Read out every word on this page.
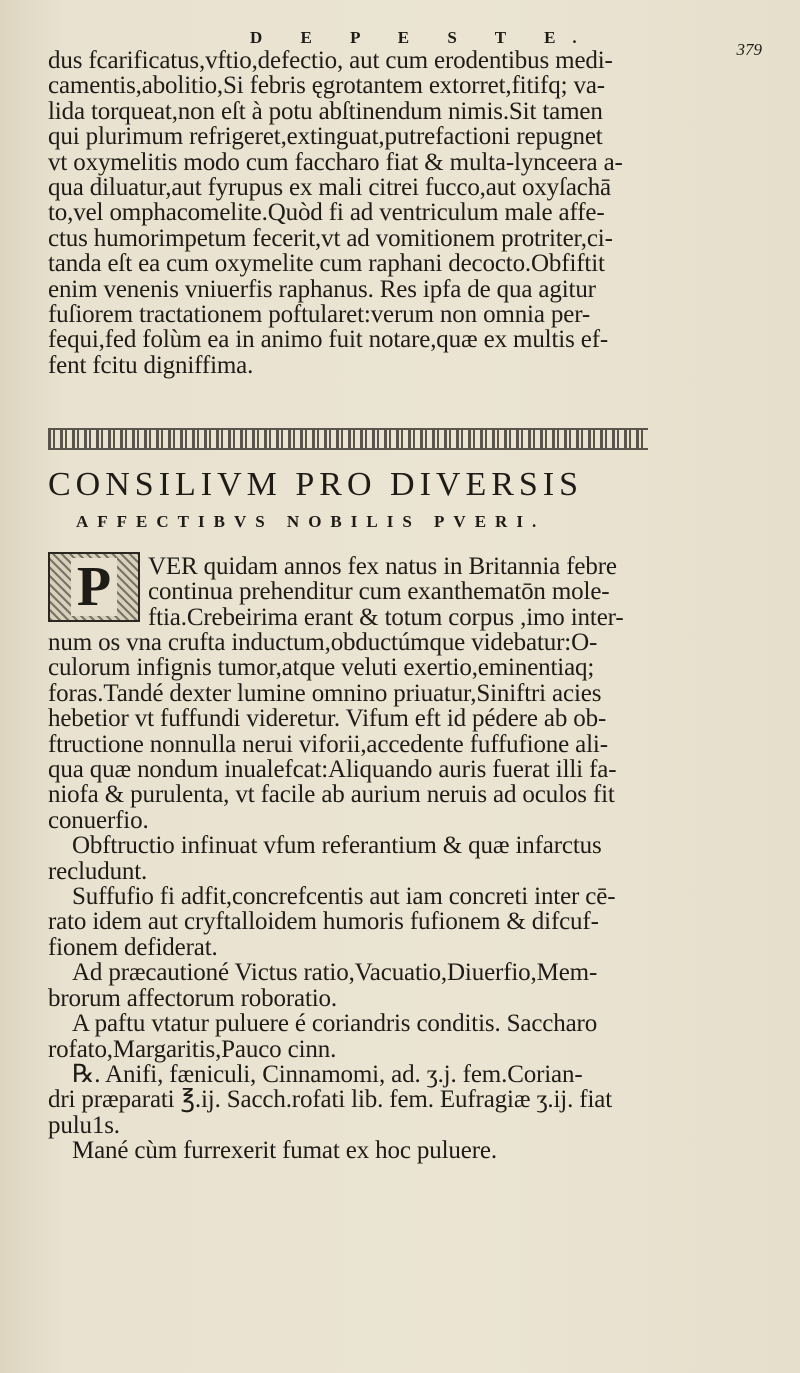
D E P E S T E.
379
dus fcarificatus,vftio,defectio, aut cum erodentibus medi-
camentis,abolitio,Si febris ęgrotantem extorret,fitifq; va-
lida torqueat,non eſt à potu abſtinendum nimis.Sit tamen
qui plurimum refrigeret,extinguat,putrefactioni repugnet
vt oxymelitis modo cum faccharo fiat & multa-lynceera a-
qua diluatur,aut fyrupus ex mali citrei fucco,aut oxyſachā
to,vel omphacomelite.Quòd fi ad ventriculum male affe-
ctus humorimpetum fecerit,vt ad vomitionem protriter,ci-
tanda eſt ea cum oxymelite cum raphani decocto.Obfiftit
enim venenis vniuerfis raphanus. Res ipfa de qua agitur
fuſiorem tractationem poftularet:verum non omnia per-
fequi,fed folùm ea in animo fuit notare,quæ ex multis ef-
fent fcitu digniffima.
CONSILIVM PRO DIVERSIS
AFFECTIBVS NOBILIS PVERI.
P VER quidam annos fex natus in Britannia febre
continua prehenditur cum exanthematōn mole-
ftia.Crebeirima erant & totum corpus ,imo inter-
num os vna crufta inductum,obductúmque videbatur:O-
culorum infignis tumor,atque veluti exertio,eminentiaq;
foras.Tandé dexter lumine omnino priuatur,Siniftri acies
hebetior vt fuffundi videretur. Vifum eft id pédere ab ob-
ftructione nonnulla nerui viforii,accedente fuffufione ali-
qua quæ nondum inualefcat:Aliquando auris fuerat illi fa-
niofa & purulenta, vt facile ab aurium neruis ad oculos fit
conuerfio.
Obftructio infinuat vfum referantium & quæ infarctus
recludunt.
Suffufio fi adfit,concrefcentis aut iam concreti inter cē-
rato idem aut cryftalloidem humoris fufionem & difcuf-
fionem defiderat.
Ad præcautioné Victus ratio,Vacuatio,Diuerfio,Mem-
brorum affectorum roboratio.
A paftu vtatur puluere é coriandris conditis. Saccharo
rofato,Margaritis,Pauco cinn.
℞. Anifi, fæniculi, Cinnamomi, ad. ʒ.j. fem.Corian-
dri præparati ℥.ij. Sacch.rofati lib. fem. Eufragiæ ʒ.ij. fiat
pulu1s.
Mané cùm furrexerit fumat ex hoc puluere.
